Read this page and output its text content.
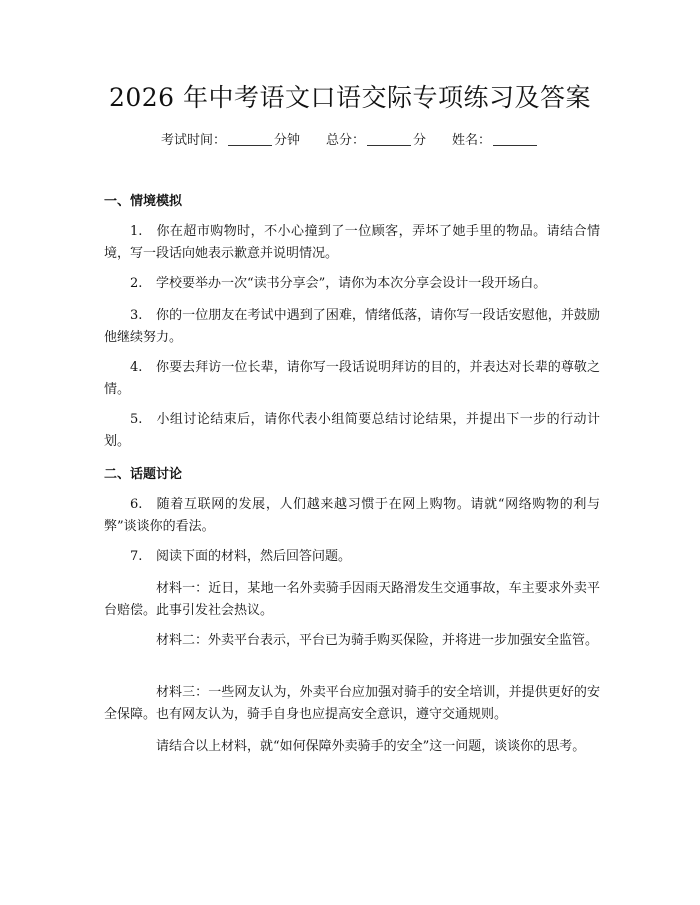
2026 年中考语文口语交际专项练习及答案
考试时间：	分钟 总分：	分 姓名：
一、情境模拟

1. 你在超市购物时，不小心撞到了一位顾客，弄坏了她手里的物品。请结合情境，写一段话向她表示歉意并说明情况。

2. 学校要举办一次“读书分享会”，请你为本次分享会设计一段开场白。

3. 你的一位朋友在考试中遇到了困难，情绪低落，请你写一段话安慰他，并鼓励他继续努力。

4. 你要去拜访一位长辈，请你写一段话说明拜访的目的，并表达对长辈的尊敬之情。

5. 小组讨论结束后，请你代表小组简要总结讨论结果，并提出下一步的行动计划。

二、话题讨论

6. 随着互联网的发展，人们越来越习惯于在网上购物。请就“网络购物的利与弊”谈谈你的看法。

7. 阅读下面的材料，然后回答问题。

材料一：近日，某地一名外卖骑手因雨天路滑发生交通事故，车主要求外卖平台赔偿。此事引发社会热议。

材料二：外卖平台表示，平台已为骑手购买保险，并将进一步加强安全监管。

材料三：一些网友认为，外卖平台应加强对骑手的安全培训，并提供更好的安全保障。也有网友认为，骑手自身也应提高安全意识，遵守交通规则。

请结合以上材料，就“如何保障外卖骑手的安全”这一问题，谈谈你的思考。
